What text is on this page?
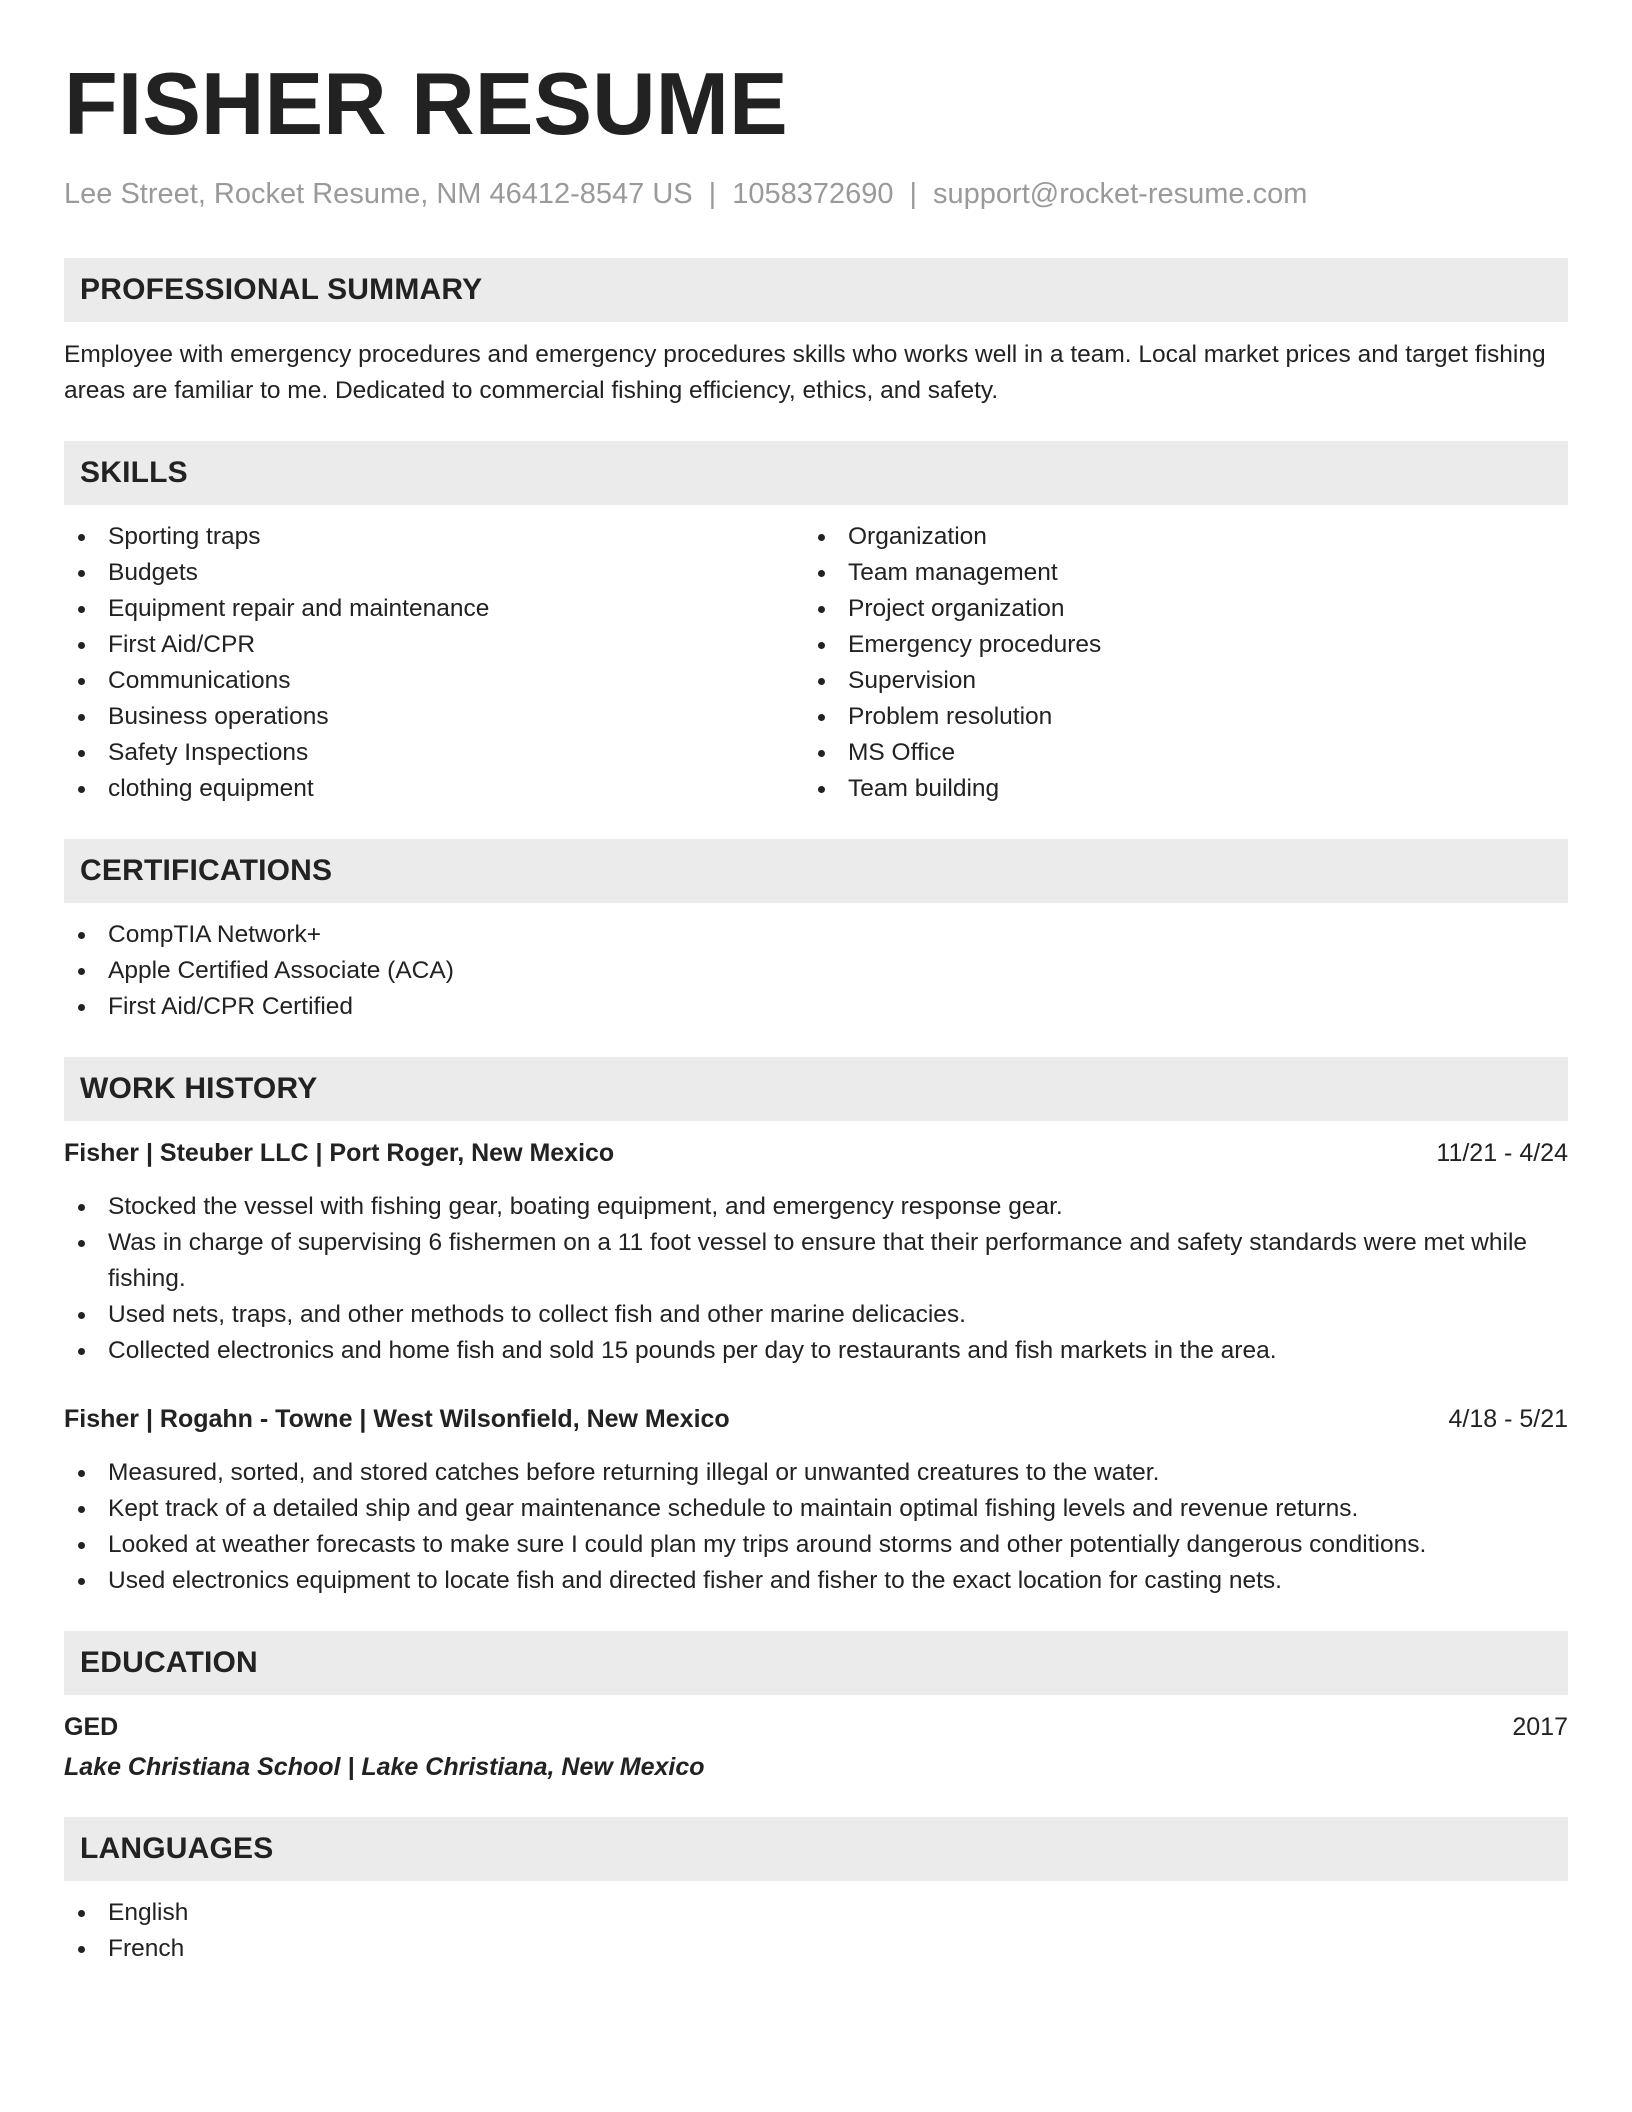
FISHER RESUME
Lee Street, Rocket Resume, NM 46412-8547 US | 1058372690 | support@rocket-resume.com
PROFESSIONAL SUMMARY

Employee with emergency procedures and emergency procedures skills who works well in a team. Local market prices and target fishing areas are familiar to me. Dedicated to commercial fishing efficiency, ethics, and safety.

SKILLS
Sporting traps
Budgets
Equipment repair and maintenance
First Aid/CPR
Communications
Business operations
Safety Inspections
clothing equipment
Organization
Team management
Project organization
Emergency procedures
Supervision
Problem resolution
MS Office
Team building
CERTIFICATIONS
CompTIA Network+
Apple Certified Associate (ACA)
First Aid/CPR Certified
WORK HISTORY
Fisher | Steuber LLC | Port Roger, New Mexico	11/21 - 4/24
Stocked the vessel with fishing gear, boating equipment, and emergency response gear.
Was in charge of supervising 6 fishermen on a 11 foot vessel to ensure that their performance and safety standards were met while fishing.
Used nets, traps, and other methods to collect fish and other marine delicacies.
Collected electronics and home fish and sold 15 pounds per day to restaurants and fish markets in the area.
Fisher | Rogahn - Towne | West Wilsonfield, New Mexico	4/18 - 5/21
Measured, sorted, and stored catches before returning illegal or unwanted creatures to the water.
Kept track of a detailed ship and gear maintenance schedule to maintain optimal fishing levels and revenue returns.
Looked at weather forecasts to make sure I could plan my trips around storms and other potentially dangerous conditions.
Used electronics equipment to locate fish and directed fisher and fisher to the exact location for casting nets.
EDUCATION
GED	2017
Lake Christiana School | Lake Christiana, New Mexico
LANGUAGES
English
French
